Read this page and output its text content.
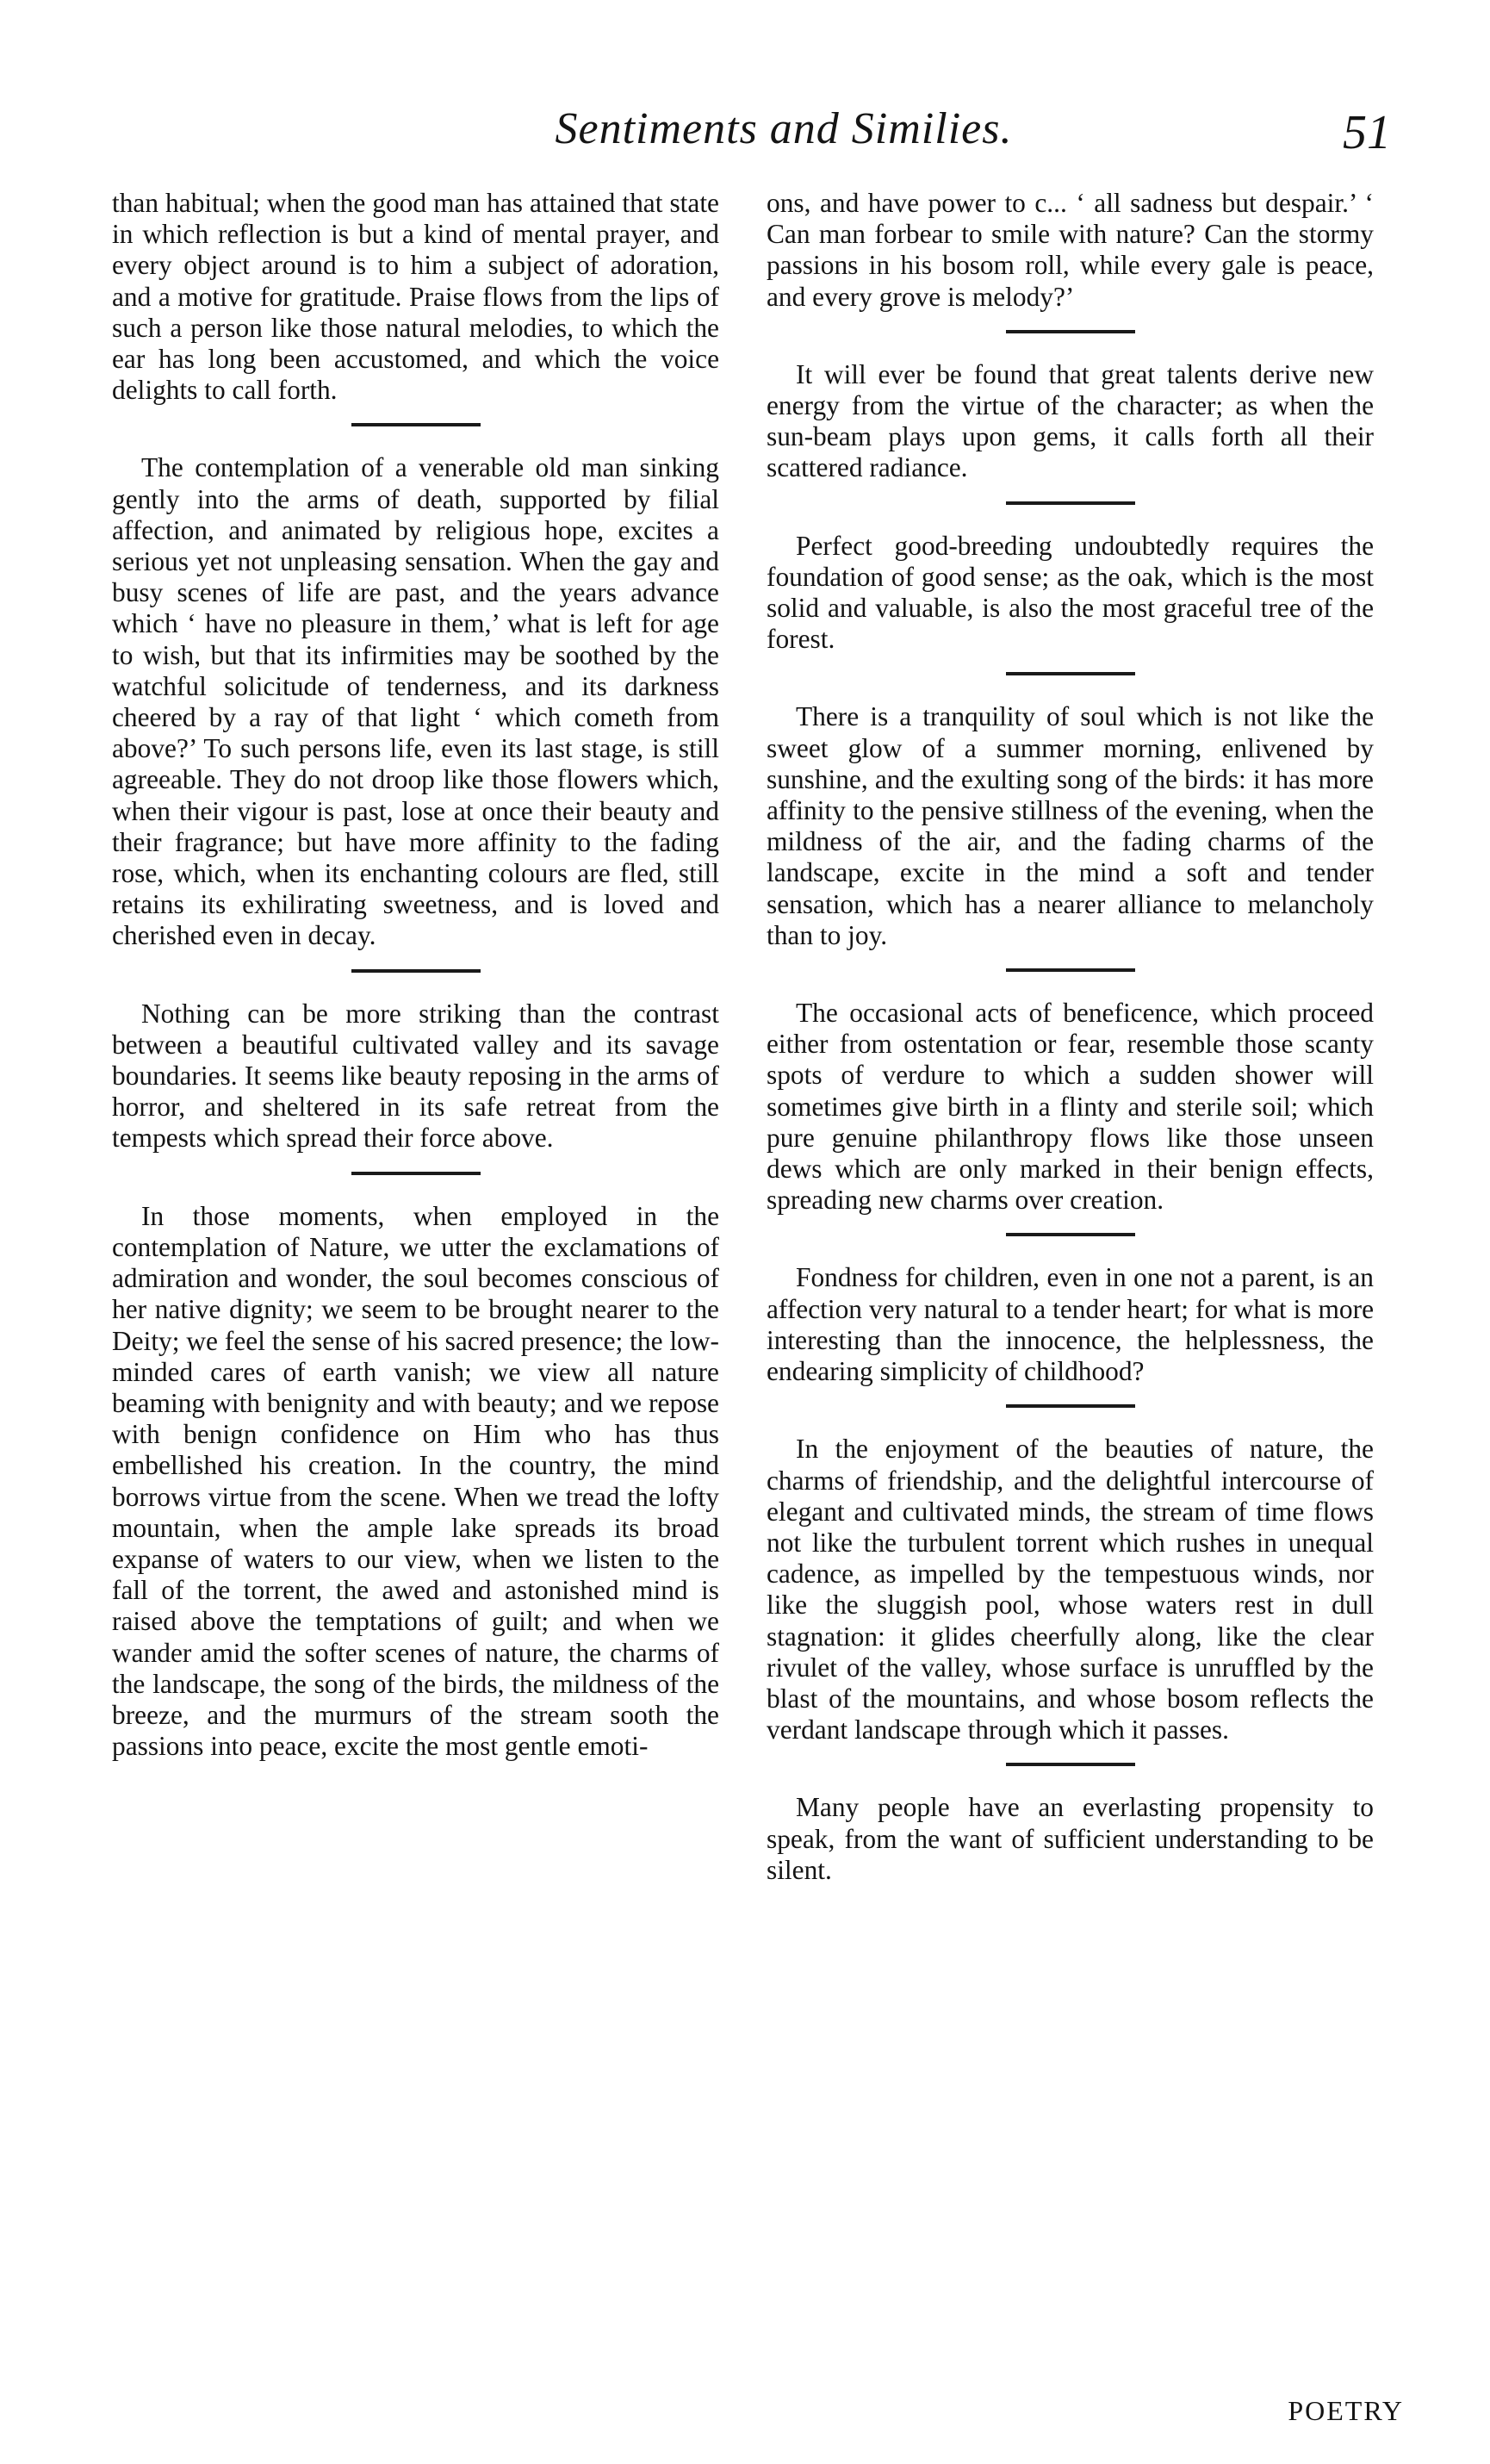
Sentiments and Similies.	51

than habitual; when the good man has attained that state in which reflection is but a kind of mental prayer, and every object around is to him a subject of adoration, and a motive for gratitude. Praise flows from the lips of such a person like those natural melodies, to which the ear has long been accustomed, and which the voice delights to call forth.

The contemplation of a venerable old man sinking gently into the arms of death, supported by filial affection, and animated by religious hope, excites a serious yet not unpleasing sensation. When the gay and busy scenes of life are past, and the years advance which ‘ have no pleasure in them,’ what is left for age to wish, but that its infirmities may be soothed by the watchful solicitude of tenderness, and its darkness cheered by a ray of that light ‘ which cometh from above?’ To such persons life, even its last stage, is still agreeable. They do not droop like those flowers which, when their vigour is past, lose at once their beauty and their fragrance; but have more affinity to the fading rose, which, when its enchanting colours are fled, still retains its exhilirating sweetness, and is loved and cherished even in decay.

Nothing can be more striking than the contrast between a beautiful cultivated valley and its savage boundaries. It seems like beauty reposing in the arms of horror, and sheltered in its safe retreat from the tempests which spread their force above.

In those moments, when employed in the contemplation of Nature, we utter the exclamations of admiration and wonder, the soul becomes conscious of her native dignity; we seem to be brought nearer to the Deity; we feel the sense of his sacred presence; the low-minded cares of earth vanish; we view all nature beaming with benignity and with beauty; and we repose with benign confidence on Him who has thus embellished his creation. In the country, the mind borrows virtue from the scene. When we tread the lofty mountain, when the ample lake spreads its broad expanse of waters to our view, when we listen to the fall of the torrent, the awed and astonished mind is raised above the temptations of guilt; and when we wander amid the softer scenes of nature, the charms of the landscape, the song of the birds, the mildness of the breeze, and the murmurs of the stream sooth the passions into peace, excite the most gentle emoti-

ons, and have power to c... ‘ all sadness but despair.’ ‘ Can man forbear to smile with nature? Can the stormy passions in his bosom roll, while every gale is peace, and every grove is melody?’

It will ever be found that great talents derive new energy from the virtue of the character; as when the sun-beam plays upon gems, it calls forth all their scattered radiance.

Perfect good-breeding undoubtedly requires the foundation of good sense; as the oak, which is the most solid and valuable, is also the most graceful tree of the forest.

There is a tranquility of soul which is not like the sweet glow of a summer morning, enlivened by sunshine, and the exulting song of the birds: it has more affinity to the pensive stillness of the evening, when the mildness of the air, and the fading charms of the landscape, excite in the mind a soft and tender sensation, which has a nearer alliance to melancholy than to joy.

The occasional acts of beneficence, which proceed either from ostentation or fear, resemble those scanty spots of verdure to which a sudden shower will sometimes give birth in a flinty and sterile soil; which pure genuine philanthropy flows like those unseen dews which are only marked in their benign effects, spreading new charms over creation.

Fondness for children, even in one not a parent, is an affection very natural to a tender heart; for what is more interesting than the innocence, the helplessness, the endearing simplicity of childhood?

In the enjoyment of the beauties of nature, the charms of friendship, and the delightful intercourse of elegant and cultivated minds, the stream of time flows not like the turbulent torrent which rushes in unequal cadence, as impelled by the tempestuous winds, nor like the sluggish pool, whose waters rest in dull stagnation: it glides cheerfully along, like the clear rivulet of the valley, whose surface is unruffled by the blast of the mountains, and whose bosom reflects the verdant landscape through which it passes.

Many people have an everlasting propensity to speak, from the want of sufficient understanding to be silent.

POETRY
